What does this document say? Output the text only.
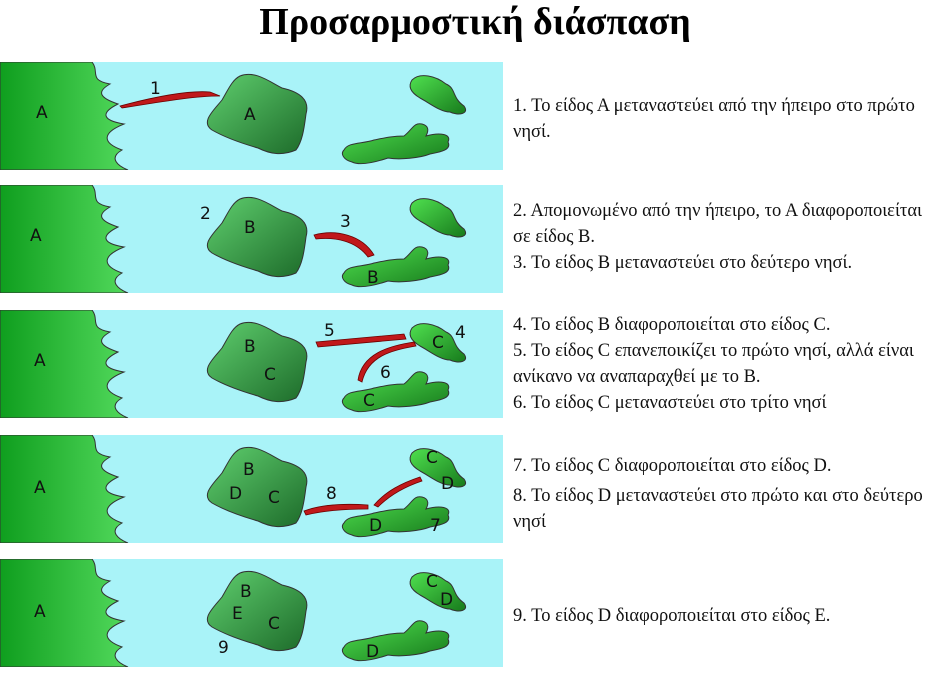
Προσαρμοστική διάσπαση
A	A
1

1. Το είδος Α μεταναστεύει από την ήπειρο στο πρώτο νησί.

A	B
B
2	3

2. Απομονωμένο από την ήπειρο, το Α διαφοροποιείται σε είδος Β.

3. Το είδος Β μεταναστεύει στο δεύτερο νησί.

A
B
C
C 4
C
5
6

4. Το είδος Β διαφοροποιείται στο είδος C.

5. Το είδος C επανεποικίζει το πρώτο νησί, αλλά είναι ανίκανο να αναπαραχθεί με το Β.

6. Το είδος C μεταναστεύει στο τρίτο νησί

A
B
D C
C
D
D	7
8

7. Το είδος C διαφοροποιείται στο είδος D.

8. Το είδος D μεταναστεύει στο πρώτο και στο δεύτερο νησί

A
B
E C
9
C
D
D

9. Το είδος D διαφοροποιείται στο είδος Ε.
